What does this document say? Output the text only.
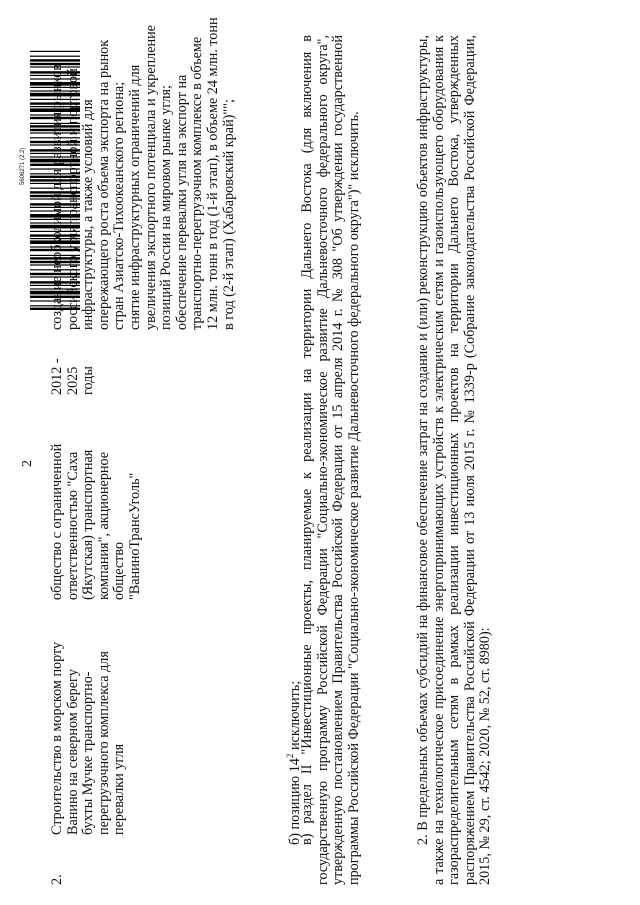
2
2.
Строительство в морском порту Ванино на северном берегу бухты Мучке транспортно-перегрузочного комплекса для перевалки угля
общество с ограниченной ответственностью "Саха (Якутская) транспортная компания", акционерное общество "ВаниноТрансУголь"
2012 - 2025 годы
инфраструктуры, а также условий для опережающего роста объема экспорта на рынок стран Азиатско-Тихоокеанского региона; снятие инфраструктурных ограничений для увеличения экспортного потенциала и укрепление позиций России на мировом рынке угля; обеспечение перевалки угля на экспорт на транспортно-перегрузочном комплексе в объеме 12 млн. тонн в год (1-й этап), в объеме 24 млн. тонн в год (2-й этап) (Хабаровский край)"";
б) позицию $14^2$ исключить;
в) раздел II "Инвестиционные проекты, планируемые к реализации на территории Дальнего Востока (для включения в государственную программу Российской Федерации "Социально-экономическое развитие Дальневосточного федерального округа", утвержденную постановлением Правительства Российской Федерации от 15 апреля 2014 г. № 308 "Об утверждении государственной программы Российской Федерации "Социально-экономическое развитие Дальневосточного федерального округа")" исключить.	2. В предельных объемах субсидий на финансовое обеспечение затрат на создание и (или) реконструкцию объектов инфраструктуры, а также на технологическое присоединение энергопринимающих устройств к электрическим сетям и газоиспользующего оборудования к газораспределительным сетям в рамках реализации инвестиционных проектов на территории Дальнего Востока, утвержденных распоряжением Правительства Российской Федерации от 13 июля 2015 г. № 1339-р (Собрание законодательства Российской Федерации, 2015, № 29, ст. 4542; 2020, № 52, ст. 8980):
5606271 (2.2)
